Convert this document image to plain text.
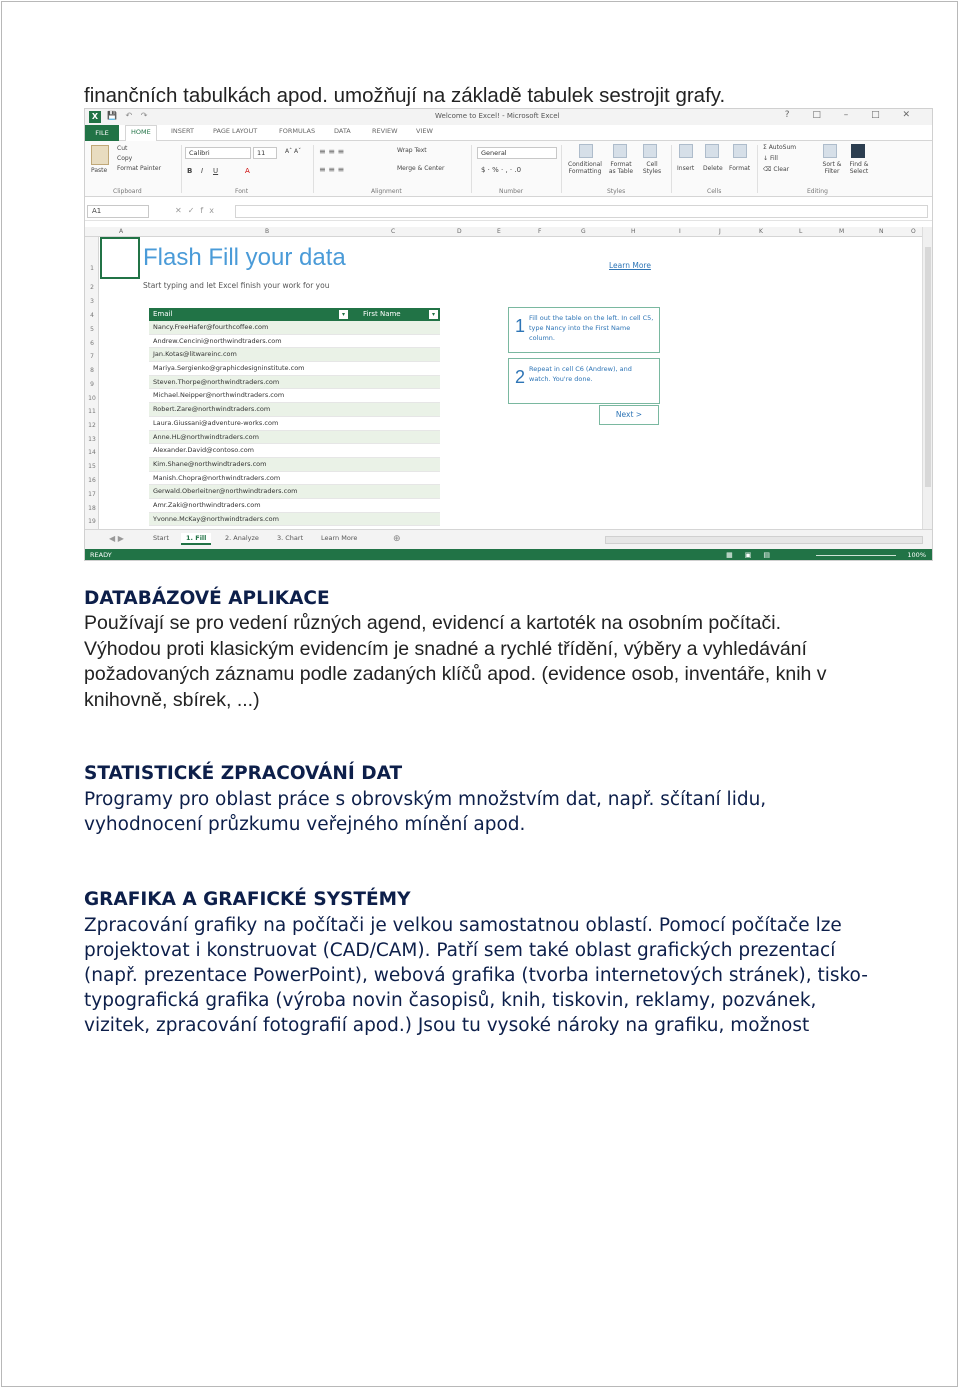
finančních tabulkách apod. umožňují na základě tabulek sestrojit grafy.
X	💾 ↶ ↷	Welcome to Excel! - Microsoft Excel	? □ – □ ✕
FILE	HOME	INSERT	PAGE LAYOUT	FORMULAS	DATA	REVIEW	VIEW
Paste
Cut
Copy
Format Painter
Clipboard
Calibri	11	Aˆ Aˇ
B I U	A
Font
≡ ≡ ≡
≡ ≡ ≡
Wrap Text
Merge & Center
Alignment
General
$ · % · , · .0
Number
Conditional Formatting
Format as Table
Cell Styles
Styles
Insert Delete Format
Cells
Σ AutoSum
↓ Fill
⌫ Clear
Sort & Filter
Find & Select
Editing
A1	✕✓fx
A	B	C	D	E	F	G	H	I	J	K	L	M	N	O
1
2
3
4
5
6
7
8
9
10
11
12
13
14
15
16
17
18
19
Flash Fill your data
Start typing and let Excel finish your work for you
Learn More
Email	▾	First Name	▾
Nancy.FreeHafer@fourthcoffee.com
Andrew.Cencini@northwindtraders.com
Jan.Kotas@litwareinc.com
Mariya.Sergienko@graphicdesigninstitute.com
Steven.Thorpe@northwindtraders.com
Michael.Neipper@northwindtraders.com
Robert.Zare@northwindtraders.com
Laura.Giussani@adventure-works.com
Anne.HL@northwindtraders.com
Alexander.David@contoso.com
Kim.Shane@northwindtraders.com
Manish.Chopra@northwindtraders.com
Gerwald.Oberleitner@northwindtraders.com
Amr.Zaki@northwindtraders.com
Yvonne.McKay@northwindtraders.com
1 Fill out the table on the left. In cell C5, type Nancy into the First Name column.
2 Repeat in cell C6 (Andrew), and watch. You're done.
Next >
◀ ▶	Start	1. Fill	2. Analyze	3. Chart	Learn More	⊕
READY	▦▣▤	100%
DATABÁZOVÉ APLIKACE
Používají se pro vedení různých agend, evidencí a kartoték na osobním počítači.
Výhodou proti klasickým evidencím je snadné a rychlé třídění, výběry a vyhledávání
požadovaných záznamu podle zadaných klíčů apod. (evidence osob, inventáře, knih v
knihovně, sbírek, ...)
STATISTICKÉ ZPRACOVÁNÍ DAT
Programy pro oblast práce s obrovským množstvím dat, např. sčítaní lidu,
vyhodnocení průzkumu veřejného mínění apod.
GRAFIKA A GRAFICKÉ SYSTÉMY
Zpracování grafiky na počítači je velkou samostatnou oblastí. Pomocí počítače lze
projektovat i konstruovat (CAD/CAM). Patří sem také oblast grafických prezentací
(např. prezentace PowerPoint), webová grafika (tvorba internetových stránek), tisko-
typografická grafika (výroba novin časopisů, knih, tiskovin, reklamy, pozvánek,
vizitek, zpracování fotografií apod.) Jsou tu vysoké nároky na grafiku, možnost
